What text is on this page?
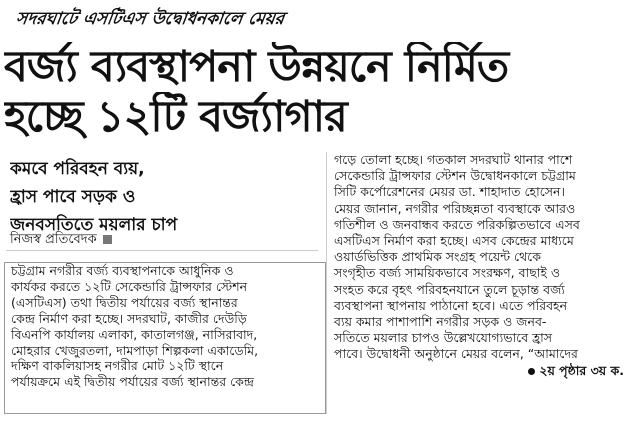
সদরঘাটে এসটিএস উদ্বোধনকালে মেয়র
বর্জ্য ব্যবস্থাপনা উন্নয়নে নির্মিত
হচ্ছে ১২টি বর্জ্যাগার
কমবে পরিবহন ব্যয়,
হ্রাস পাবে সড়ক ও
জনবসতিতে ময়লার চাপ
নিজস্ব প্রতিবেদক
চট্টগ্রাম নগরীর বর্জ্য ব্যবস্থাপনাকে আধুনিক ও
কার্যকর করতে ১২টি সেকেন্ডারি ট্রান্সফার স্টেশন
(এসটিএস) তথা দ্বিতীয় পর্যায়ের বর্জ্য স্থানান্তর
কেন্দ্র নির্মাণ করা হচ্ছে। সদরঘাট, কাজীর দেউড়ি
বিএনপি কার্যালয় এলাকা, কাতালগঞ্জ, নাসিরাবাদ,
মোহরার খেজুরতলা, দামপাড়া শিল্পকলা একাডেমি,
দক্ষিণ বাকলিয়াসহ নগরীর মোট ১২টি স্থানে
পর্যায়ক্রমে এই দ্বিতীয় পর্যায়ের বর্জ্য স্থানান্তর কেন্দ্র
গড়ে তোলা হচ্ছে। গতকাল সদরঘাট থানার পাশে
সেকেন্ডারি ট্রান্সফার স্টেশন উদ্বোধনকালে চট্টগ্রাম
সিটি কর্পোরেশনের মেয়র ডা. শাহাদাত হোসেন।
মেয়র জানান, নগরীর পরিচ্ছন্নতা ব্যবস্থাকে আরও
গতিশীল ও জনবান্ধব করতে পরিকল্পিতভাবে এসব
এসটিএস নির্মাণ করা হচ্ছে। এসব কেন্দ্রের মাধ্যমে
ওয়ার্ডভিত্তিক প্রাথমিক সংগ্রহ পয়েন্ট থেকে
সংগৃহীত বর্জ্য সাময়িকভাবে সংরক্ষণ, বাছাই ও
সংহত করে বৃহৎ পরিবহনযানে তুলে চূড়ান্ত বর্জ্য
ব্যবস্থাপনা স্থাপনায় পাঠানো হবে। এতে পরিবহন
ব্যয় কমার পাশাপাশি নগরীর সড়ক ও জনব-
সতিতে ময়লার চাপও উল্লেখযোগ্যভাবে হ্রাস
পাবে। উদ্বোধনী অনুষ্ঠানে মেয়র বলেন, “আমাদের
২য় পৃষ্ঠার ৩য় ক.
